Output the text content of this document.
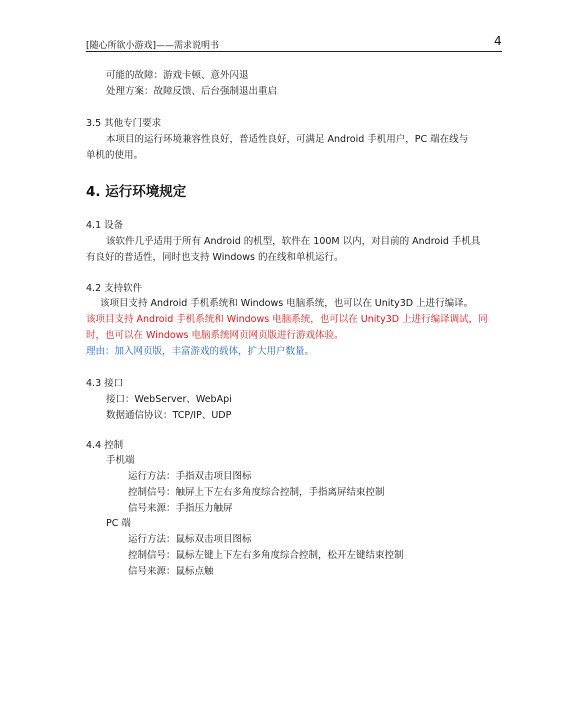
[随心所欲小游戏]——需求说明书	4
可能的故障：游戏卡顿、意外闪退
处理方案：故障反馈、后台强制退出重启
3.5 其他专门要求
本项目的运行环境兼容性良好，普适性良好，可满足 Android 手机用户，PC 端在线与
单机的使用。
4. 运行环境规定
4.1 设备
该软件几乎适用于所有 Android 的机型，软件在 100M 以内，对目前的 Android 手机具
有良好的普适性，同时也支持 Windows 的在线和单机运行。
4.2 支持软件
该项目支持 Android 手机系统和 Windows 电脑系统，也可以在 Unity3D 上进行编译。
该项目支持 Android 手机系统和 Windows 电脑系统，也可以在 Unity3D 上进行编译调试，同
时，也可以在 Windows 电脑系统网页网页版进行游戏体验。
理由：加入网页版，丰富游戏的载体，扩大用户数量。
4.3 接口
接口：WebServer、WebApi
数据通信协议：TCP/IP、UDP
4.4 控制
手机端
运行方法：手指双击项目图标
控制信号：触屏上下左右多角度综合控制，手指离屏结束控制
信号来源：手指压力触屏
PC 端
运行方法：鼠标双击项目图标
控制信号：鼠标左键上下左右多角度综合控制，松开左键结束控制
信号来源：鼠标点触
